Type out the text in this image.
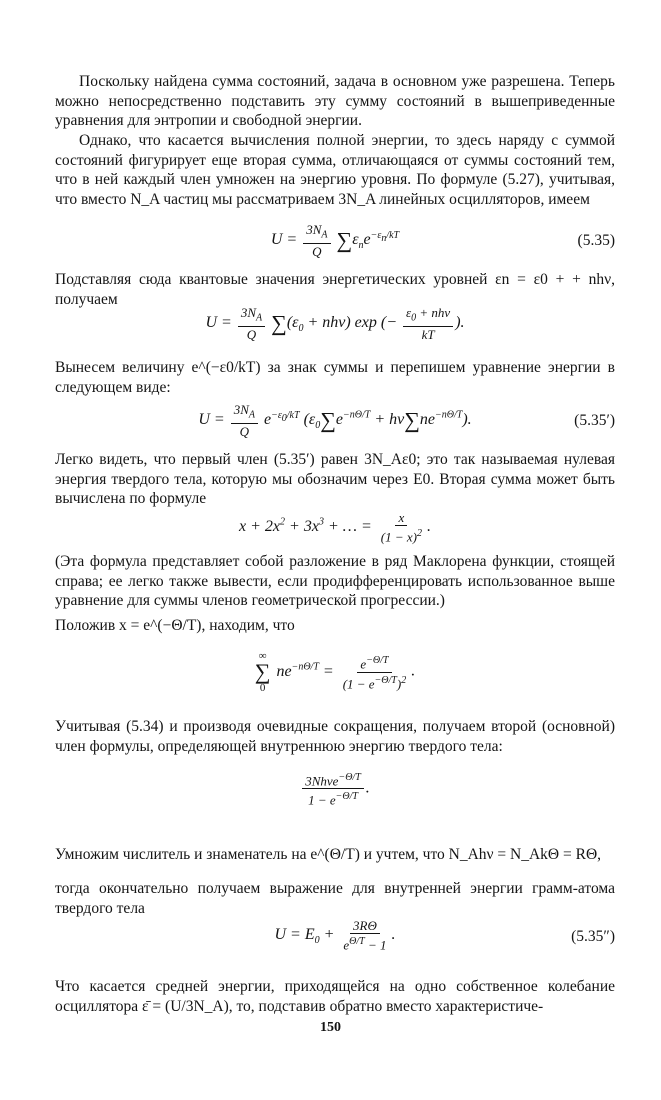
Поскольку найдена сумма состояний, задача в основном уже разрешена. Теперь можно непосредственно подставить эту сумму состояний в вышеприведенные уравнения для энтропии и свободной энергии.

Однако, что касается вычисления полной энергии, то здесь наряду с суммой состояний фигурирует еще вторая сумма, отличающаяся от суммы состояний тем, что в ней каждый член умножен на энергию уровня. По формуле (5.27), учитывая, что вместо N_A частиц мы рассматриваем 3N_A линейных осцилляторов, имеем

$U = \frac{3N_A}{Q} \sum\varepsilon_ne^{-\varepsilon_n/kT}$	(5.35)

Подставляя сюда квантовые значения энергетических уровней εn = ε0 + + nhν, получаем

$U = \frac{3N_A}{Q} \sum(\varepsilon_0 + nh\nu)$ exp (− $\frac{\varepsilon_0 + nh\nu}{kT}$ ).

Вынесем величину e^(−ε0/kT) за знак суммы и перепишем уравнение энергии в следующем виде:

$U = \frac{3N_A}{Q} e^{-\varepsilon_0/kT}$ $(\varepsilon_0\sum e^{-n\Theta/T} + h\nu\sum ne^{-n\Theta/T})$.	(5.35′)

Легко видеть, что первый член (5.35′) равен 3N_Aε0; это так называемая нулевая энергия твердого тела, которую мы обозначим через E0. Вторая сумма может быть вычислена по формуле

$x + 2x^2 + 3x^3$ + … = $\frac{x}{(1 - x)^2}$ .

(Эта формула представляет собой разложение в ряд Маклорена функции, стоящей справа; ее легко также вывести, если продифференцировать использованное выше уравнение для суммы членов геометрической прогрессии.)

Положив x = e^(−Θ/T), находим, что

∞
∑
0
$ne^{-n\Theta/T} = \frac{e^{-\Theta/T}}{(1 - e^{-\Theta/T})^2}$ .

Учитывая (5.34) и производя очевидные сокращения, получаем второй (основной) член формулы, определяющей внутреннюю энергию твердого тела:

$\frac{3Nh\nu e^{-\Theta/T}}{1 - e^{-\Theta/T}}$ .

Умножим числитель и знаменатель на e^(Θ/T) и учтем, что N_Ahν = N_AkΘ = RΘ,

тогда окончательно получаем выражение для внутренней энергии грамм-атома твердого тела

$U = E_0 + \frac{3R\Theta}{e^{\Theta/T} - 1}$ .	(5.35″)

Что касается средней энергии, приходящейся на одно собственное колебание осциллятора ε̄ = (U/3N_A), то, подставив обратно вместо характеристиче-

150
